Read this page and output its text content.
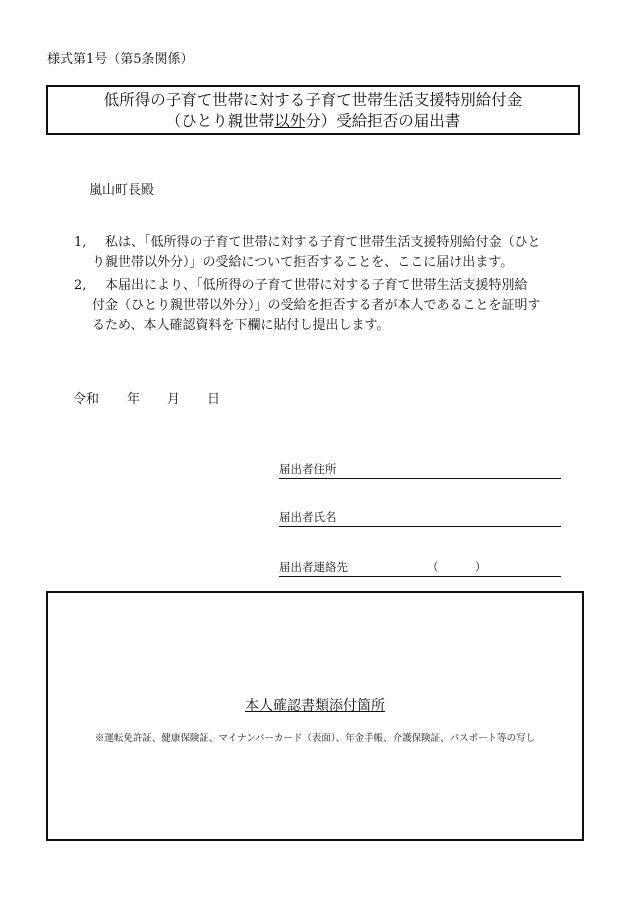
様式第1号（第5条関係）
低所得の子育て世帯に対する子育て世帯生活支援特別給付金
（ひとり親世帯以外分）受給拒否の届出書
嵐山町長殿
1, 　私は、「低所得の子育て世帯に対する子育て世帯生活支援特別給付金（ひと
り親世帯以外分）」の受給について拒否することを、ここに届け出ます。
2, 　本届出により、「低所得の子育て世帯に対する子育て世帯生活支援特別給
付金（ひとり親世帯以外分）」の受給を拒否する者が本人であることを証明す
るため、本人確認資料を下欄に貼付し提出します。
令和 年 月 日
届出者住所
届出者氏名
届出者連絡先	（	）
本人確認書類添付箇所
※運転免許証、健康保険証、マイナンバーカード（表面）、年金手帳、介護保険証、パスポート等の写し
